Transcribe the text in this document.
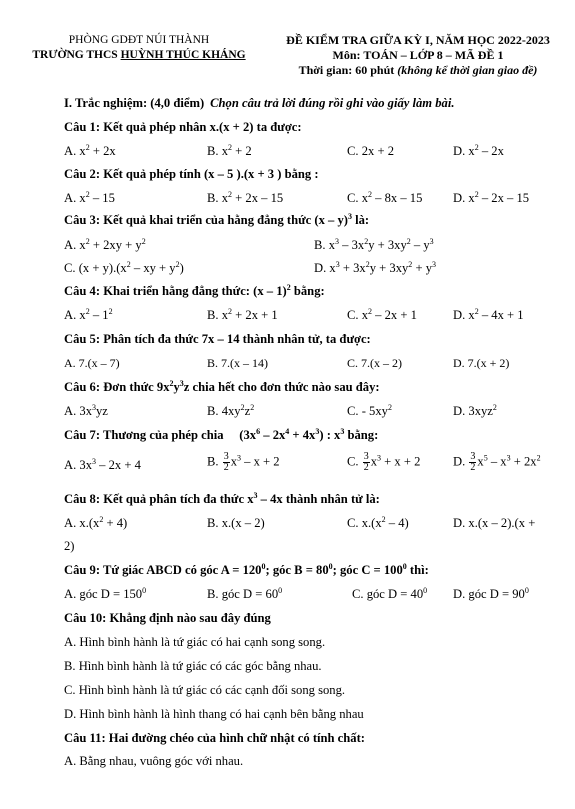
PHÒNG GDĐT NÚI THÀNH
TRƯỜNG THCS HUỲNH THÚC KHÁNG
ĐỀ KIỂM TRA GIỮA KỲ I, NĂM HỌC 2022-2023
Môn: TOÁN – LỚP 8 – MÃ ĐỀ 1
Thời gian: 60 phút (không kể thời gian giao đề)
I. Trắc nghiệm: (4,0 điểm) Chọn câu trả lời đúng rồi ghi vào giấy làm bài.
Câu 1: Kết quả phép nhân x.(x + 2) ta được:
A. $x^2 + 2x$	B. $x^2 + 2$	C. 2x + 2	D. $x^2 - 2x$
Câu 2: Kết quả phép tính (x – 5 ).(x + 3 ) bằng :
A. $x^2 - 15$	B. $x^2 + 2x - 15$	C. $x^2 - 8x - 15$ D. $x^2 - 2x - 15$
Câu 3: Kết quả khai triển của hằng đẳng thức (x – y)$^3$ là:
A. $x^2 + 2xy + y^2$	B. $x^3 - 3x^2y + 3xy^2 - y^3$
C. $(x + y).(x^2$ – xy + $y^2$)	D. $x^3 + 3x^2y + 3xy^2 + y^3$
Câu 4: Khai triển hằng đẳng thức: (x – 1)$^2$ bằng:
A. $x^2 - 1^2$	B. $x^2 + 2x + 1$	C. $x^2 - 2x + 1$	D. $x^2 - 4x + 1$
Câu 5: Phân tích đa thức 7x – 14 thành nhân tử, ta được:
A. 7.(x – 7)	B. 7.(x – 14)	C. 7.(x – 2)	D. 7.(x + 2)
Câu 6: Đơn thức $9x^2y^3z$ chia hết cho đơn thức nào sau đây:
A. $3x^3yz$	B. $4xy^2z^2$	C. - $5xy^2$	D. 3xyz$^2$
Câu 7: Thương của phép chia $(3x^6 - 2x^4 + 4x^3)$ : $x^3$ bằng:
A. $3x^3 - 2x + 4$	B. $\frac{3}{2} x^3 - x + 2$	C. $\frac{3}{2} x^3 + x + 2$	D. $\frac{3}{2} x^5 - x^3 + 2x^2$
Câu 8: Kết quả phân tích đa thức $x^3 - 4x$ thành nhân tử là:
A. $x.(x^2 + 4)$	B. x.(x – 2)	C. $x.(x^2 - 4)$	D. x.(x – 2).(x +
2)
Câu 9: Tứ giác ABCD có góc $A = 120^0$; góc $B = 80^0$; góc $C = 100^0$ thì:
A. góc $D = 150^0$	B. góc $D = 60^0$	C. góc $D = 40^0$ D. góc $D = 90^0$
Câu 10: Khẳng định nào sau đây đúng
A. Hình bình hành là tứ giác có hai cạnh song song.
B. Hình bình hành là tứ giác có các góc bằng nhau.
C. Hình bình hành là tứ giác có các cạnh đối song song.
D. Hình bình hành là hình thang có hai cạnh bên bằng nhau
Câu 11: Hai đường chéo của hình chữ nhật có tính chất:
A. Bằng nhau, vuông góc với nhau.
